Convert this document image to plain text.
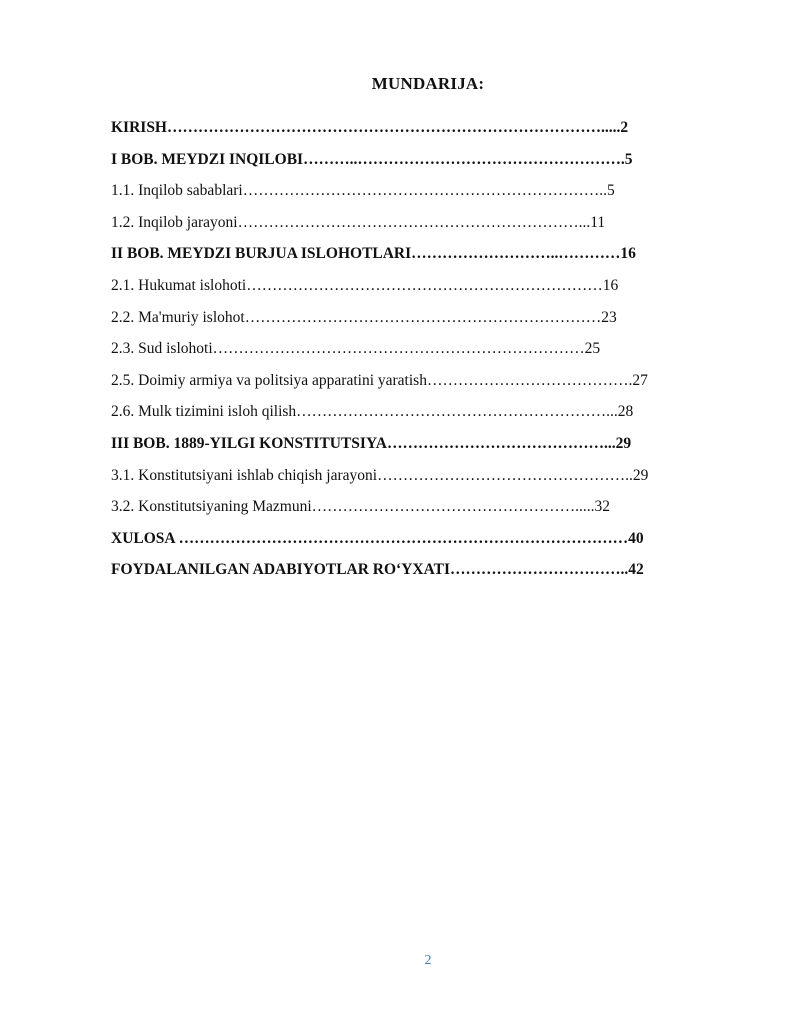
MUNDARIJA:
KIRISH………………………………………………………………………….....2
I BOB. MEYDZI INQILOBI………..…………………………………………….5
1.1. Inqilob sabablari……………………………………………………………..5
1.2. Inqilob jarayoni…………………………………………………………...11
II BOB. MEYDZI BURJUA ISLOHOTLARI………………………..…………16
2.1. Hukumat islohoti……………………………………………………………16
2.2. Ma'muriy islohot……………………………………………………………23
2.3. Sud islohoti………………………………………………………………25
2.5. Doimiy armiya va politsiya apparatini yaratish………………………………….27
2.6. Mulk tizimini isloh qilish……………………………………………………...28
III BOB. 1889-YILGI KONSTITUTSIYA……………………………………...29
3.1. Konstitutsiyani ishlab chiqish jarayoni…………………………………………..29
3.2. Konstitutsiyaning Mazmuni…………………………………………….....32
XULOSA ……………………………………………………………………………40
FOYDALANILGAN ADABIYOTLAR RO‘YXATI……………………………..42
2
